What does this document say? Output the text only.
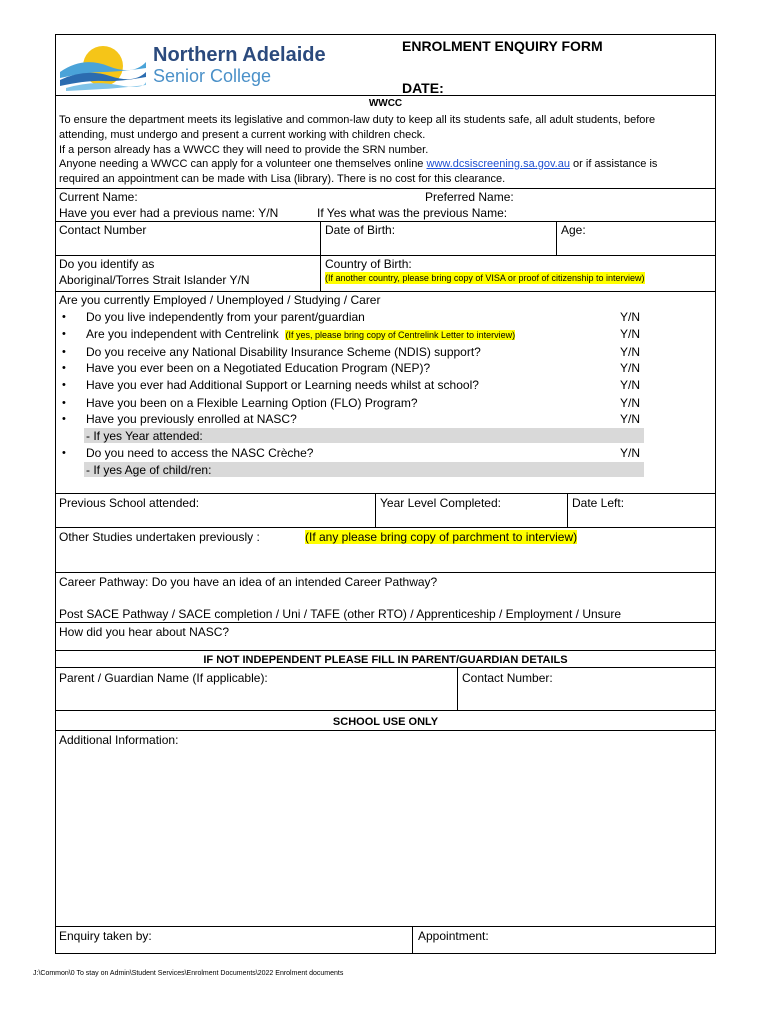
Northern Adelaide
Senior College
ENROLMENT ENQUIRY FORM
DATE:
WWCC
To ensure the department meets its legislative and common-law duty to keep all its students safe, all adult students, before
attending, must undergo and present a current working with children check.
If a person already has a WWCC they will need to provide the SRN number.
Anyone needing a WWCC can apply for a volunteer one themselves online www.dcsiscreening.sa.gov.au or if assistance is
required an appointment can be made with Lisa (library). There is no cost for this clearance.
Current Name:	Preferred Name:
Have you ever had a previous name: Y/N	If Yes what was the previous Name:
Contact Number	Date of Birth:	Age:
Do you identify as
Aboriginal/Torres Strait Islander Y/N
Country of Birth:
(If another country, please bring copy of VISA or proof of citizenship to interview)
Are you currently Employed / Unemployed / Studying / Carer
• Do you live independently from your parent/guardian	Y/N
• Are you independent with Centrelink (If yes, please bring copy of Centrelink Letter to interview)	Y/N
• Do you receive any National Disability Insurance Scheme (NDIS) support?	Y/N
• Have you ever been on a Negotiated Education Program (NEP)?	Y/N
• Have you ever had Additional Support or Learning needs whilst at school?	Y/N
• Have you been on a Flexible Learning Option (FLO) Program?	Y/N
• Have you previously enrolled at NASC?	Y/N
- If yes Year attended:
• Do you need to access the NASC Crèche?	Y/N
- If yes Age of child/ren:
Previous School attended:	Year Level Completed:	Date Left:
Other Studies undertaken previously :	(If any please bring copy of parchment to interview)
Career Pathway: Do you have an idea of an intended Career Pathway?
Post SACE Pathway / SACE completion / Uni / TAFE (other RTO) / Apprenticeship / Employment / Unsure
How did you hear about NASC?
IF NOT INDEPENDENT PLEASE FILL IN PARENT/GUARDIAN DETAILS
Parent / Guardian Name (If applicable):	Contact Number:
SCHOOL USE ONLY
Additional Information:
Enquiry taken by:	Appointment:
J:\Common\0 To stay on Admin\Student Services\Enrolment Documents\2022 Enrolment documents
